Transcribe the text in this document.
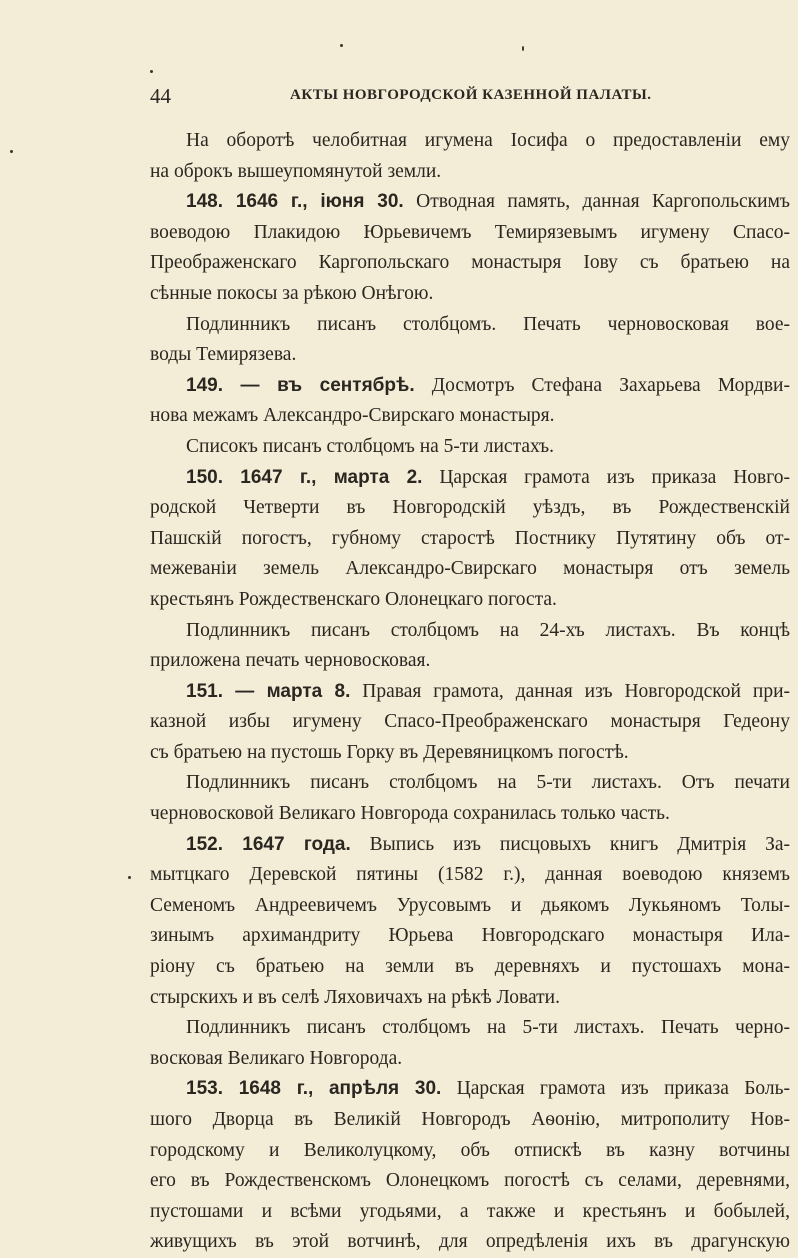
44	АКТЫ НОВГОРОДСКОЙ КАЗЕННОЙ ПАЛАТЫ.
На оборотѣ челобитная игумена Іосифа о предоставленіи ему
на оброкъ вышеупомянутой земли.
148. 1646 г., іюня 30. Отводная память, данная Каргопольскимъ
воеводою Плакидою Юрьевичемъ Темирязевымъ игумену Спасо-
Преображенскаго Каргопольскаго монастыря Іову съ братьею на
сѣнные покосы за рѣкою Онѣгою.
Подлинникъ писанъ столбцомъ. Печать черновосковая вое-
воды Темирязева.
149. — въ сентябрѣ. Досмотръ Стефана Захарьева Мордви-
нова межамъ Александро-Свирскаго монастыря.
Списокъ писанъ столбцомъ на 5-ти листахъ.
150. 1647 г., марта 2. Царская грамота изъ приказа Новго-
родской Четверти въ Новгородскій уѣздъ, въ Рождественскій
Пашскій погостъ, губному старостѣ Постнику Путятину объ от-
межеваніи земель Александро-Свирскаго монастыря отъ земель
крестьянъ Рождественскаго Олонецкаго погоста.
Подлинникъ писанъ столбцомъ на 24-хъ листахъ. Въ концѣ
приложена печать черновосковая.
151. — марта 8. Правая грамота, данная изъ Новгородской при-
казной избы игумену Спасо-Преображенскаго монастыря Гедеону
съ братьею на пустошь Горку въ Деревяницкомъ погостѣ.
Подлинникъ писанъ столбцомъ на 5-ти листахъ. Отъ печати
черновосковой Великаго Новгорода сохранилась только часть.
152. 1647 года. Выпись изъ писцовыхъ книгъ Дмитрія За-
мытцкаго Деревской пятины (1582 г.), данная воеводою княземъ
Семеномъ Андреевичемъ Урусовымъ и дьякомъ Лукьяномъ Толы-
зинымъ архимандриту Юрьева Новгородскаго монастыря Ила-
ріону съ братьею на земли въ деревняхъ и пустошахъ мона-
стырскихъ и въ селѣ Ляховичахъ на рѣкѣ Ловати.
Подлинникъ писанъ столбцомъ на 5-ти листахъ. Печать черно-
восковая Великаго Новгорода.
153. 1648 г., апрѣля 30. Царская грамота изъ приказа Боль-
шого Дворца въ Великій Новгородъ Аѳонію, митрополиту Нов-
городскому и Великолуцкому, объ отпискѣ въ казну вотчины
его въ Рождественскомъ Олонецкомъ погостѣ съ селами, деревнями,
пустошами и всѣми угодьями, а также и крестьянъ и бобылей,
живущихъ въ этой вотчинѣ, для опредѣленія ихъ въ драгунскую
